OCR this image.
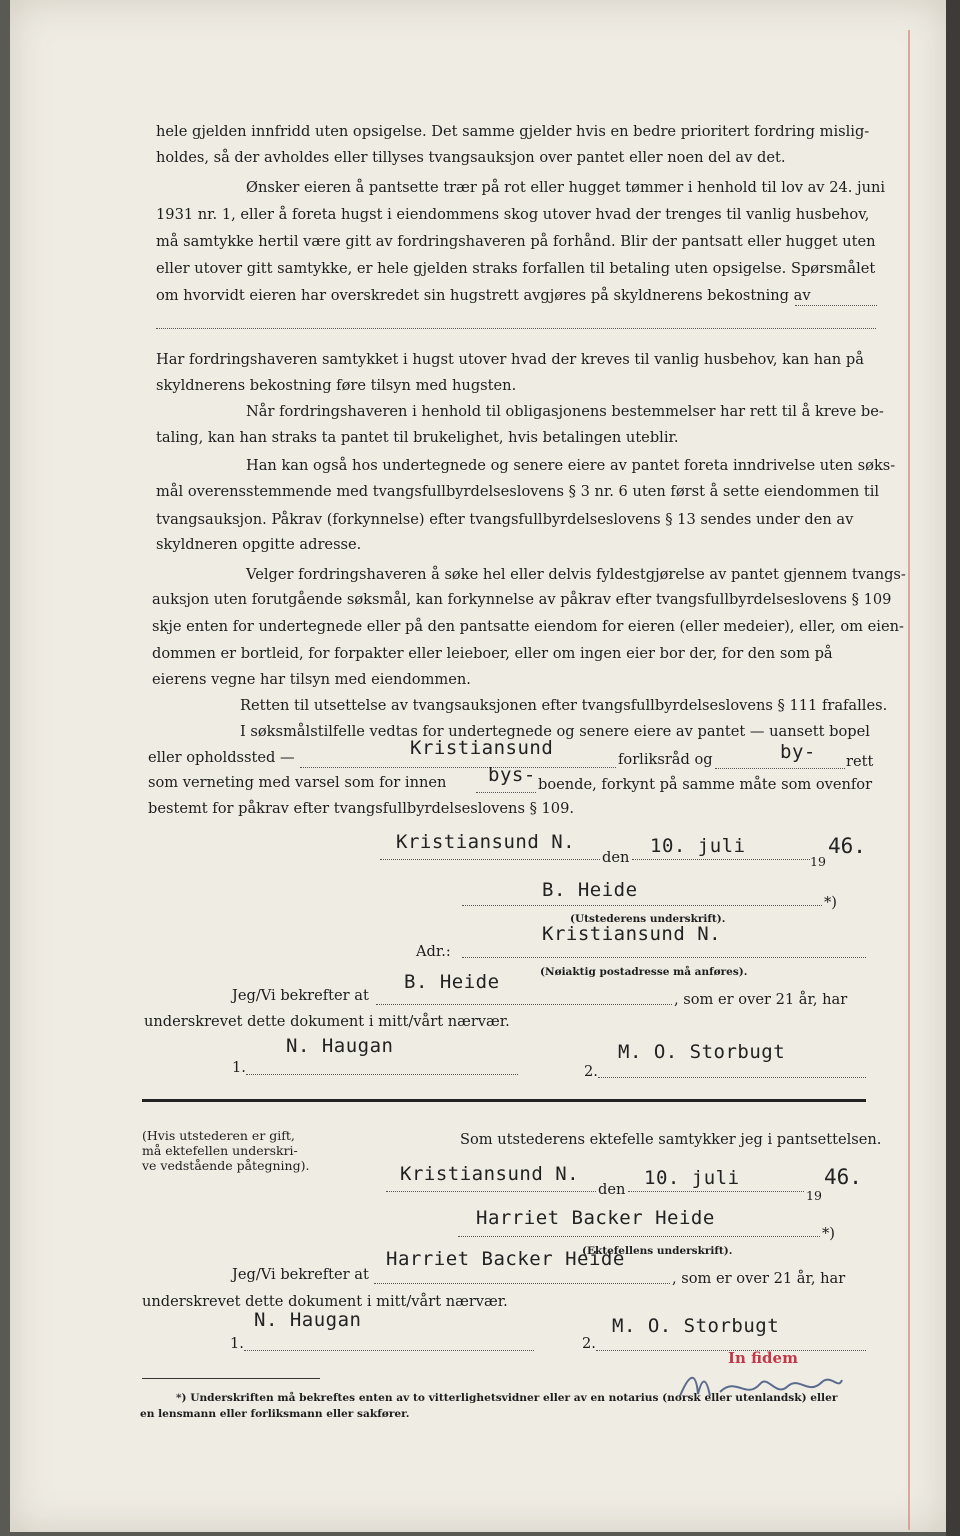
hele gjelden innfridd uten opsigelse. Det samme gjelder hvis en bedre prioritert fordring mislig-
holdes, så der avholdes eller tillyses tvangsauksjon over pantet eller noen del av det.
Ønsker eieren å pantsette trær på rot eller hugget tømmer i henhold til lov av 24. juni
1931 nr. 1, eller å foreta hugst i eiendommens skog utover hvad der trenges til vanlig husbehov,
må samtykke hertil være gitt av fordringshaveren på forhånd. Blir der pantsatt eller hugget uten
eller utover gitt samtykke, er hele gjelden straks forfallen til betaling uten opsigelse. Spørsmålet
om hvorvidt eieren har overskredet sin hugstrett avgjøres på skyldnerens bekostning av
Har fordringshaveren samtykket i hugst utover hvad der kreves til vanlig husbehov, kan han på
skyldnerens bekostning føre tilsyn med hugsten.
Når fordringshaveren i henhold til obligasjonens bestemmelser har rett til å kreve be-
taling, kan han straks ta pantet til brukelighet, hvis betalingen uteblir.
Han kan også hos undertegnede og senere eiere av pantet foreta inndrivelse uten søks-
mål overensstemmende med tvangsfullbyrdelseslovens § 3 nr. 6 uten først å sette eiendommen til
tvangsauksjon. Påkrav (forkynnelse) efter tvangsfullbyrdelseslovens § 13 sendes under den av
skyldneren opgitte adresse.
Velger fordringshaveren å søke hel eller delvis fyldestgjørelse av pantet gjennem tvangs-
auksjon uten forutgående søksmål, kan forkynnelse av påkrav efter tvangsfullbyrdelseslovens § 109
skje enten for undertegnede eller på den pantsatte eiendom for eieren (eller medeier), eller, om eien-
dommen er bortleid, for forpakter eller leieboer, eller om ingen eier bor der, for den som på
eierens vegne har tilsyn med eiendommen.
Retten til utsettelse av tvangsauksjonen efter tvangsfullbyrdelseslovens § 111 frafalles.
I søksmålstilfelle vedtas for undertegnede og senere eiere av pantet — uansett bopel
eller opholdssted —	Kristiansund
forliksråd og	by- rett
som verneting med varsel som for innen bys- boende, forkynt på samme måte som ovenfor
bestemt for påkrav efter tvangsfullbyrdelseslovens § 109.
Kristiansund N.
den
10. juli
19
46.
B. Heide
*)
(Utstederens underskrift).
Kristiansund N.
Adr.:
(Nøiaktig postadresse må anføres).
Jeg/Vi bekrefter at
B. Heide
, som er over 21 år, har
underskrevet dette dokument i mitt/vårt nærvær.
1.
N. Haugan
2.
M. O. Storbugt
(Hvis utstederen er gift,
må ektefellen underskri-
ve vedstående påtegning).
Som utstederens ektefelle samtykker jeg i pantsettelsen.
Kristiansund N.
den
10. juli
19
46.
Harriet Backer Heide
*)
(Ektefellens underskrift).
Jeg/Vi bekrefter at
Harriet Backer Heide
, som er over 21 år, har
underskrevet dette dokument i mitt/vårt nærvær.
1.
N. Haugan
2.
M. O. Storbugt
In fidem
*) Underskriften må bekreftes enten av to vitterlighetsvidner eller av en notarius (norsk eller utenlandsk) eller
en lensmann eller forliksmann eller sakfører.
